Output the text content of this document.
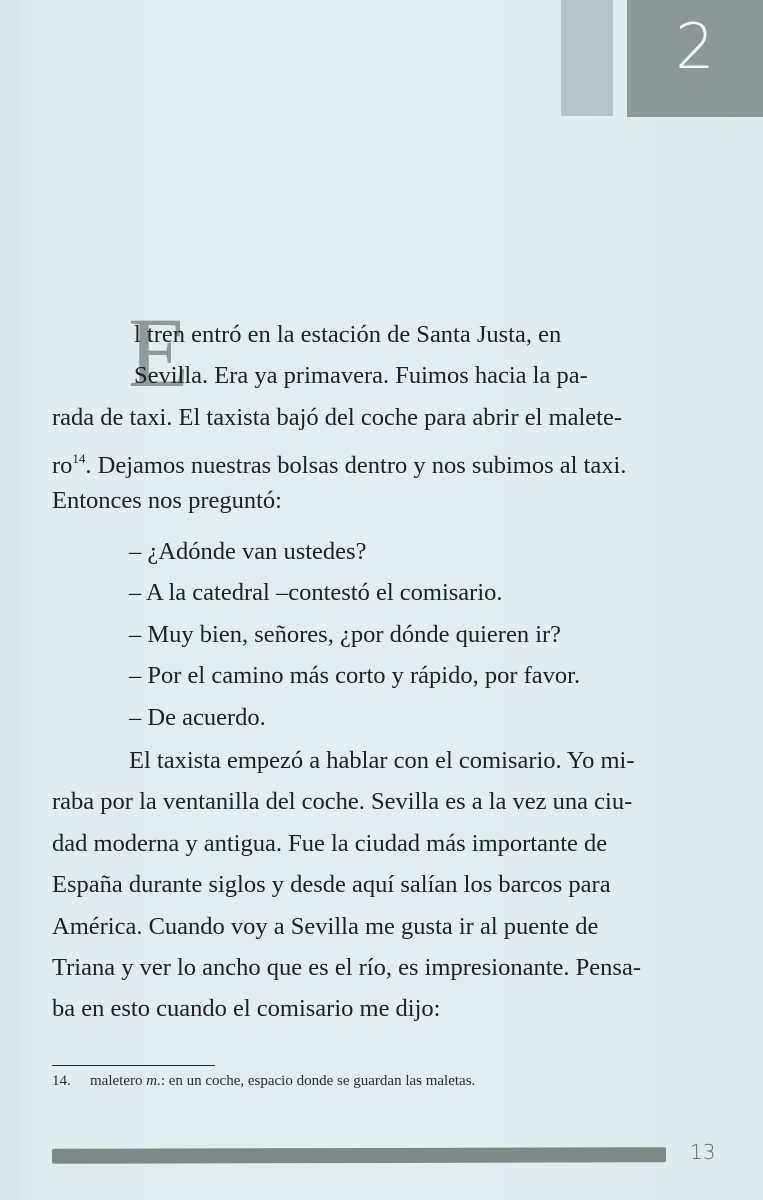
2
E
l tren entró en la estación de Santa Justa, en
Sevilla. Era ya primavera. Fuimos hacia la pa-
rada de taxi. El taxista bajó del coche para abrir el malete-
$ro^{14}$. Dejamos nuestras bolsas dentro y nos subimos al taxi.
Entonces nos preguntó:
– ¿Adónde van ustedes?
– A la catedral –contestó el comisario.
– Muy bien, señores, ¿por dónde quieren ir?
– Por el camino más corto y rápido, por favor.
– De acuerdo.
El taxista empezó a hablar con el comisario. Yo mi-
raba por la ventanilla del coche. Sevilla es a la vez una ciu-
dad moderna y antigua. Fue la ciudad más importante de
España durante siglos y desde aquí salían los barcos para
América. Cuando voy a Sevilla me gusta ir al puente de
Triana y ver lo ancho que es el río, es impresionante. Pensa-
ba en esto cuando el comisario me dijo:
14. maletero m.: en un coche, espacio donde se guardan las maletas.
13
